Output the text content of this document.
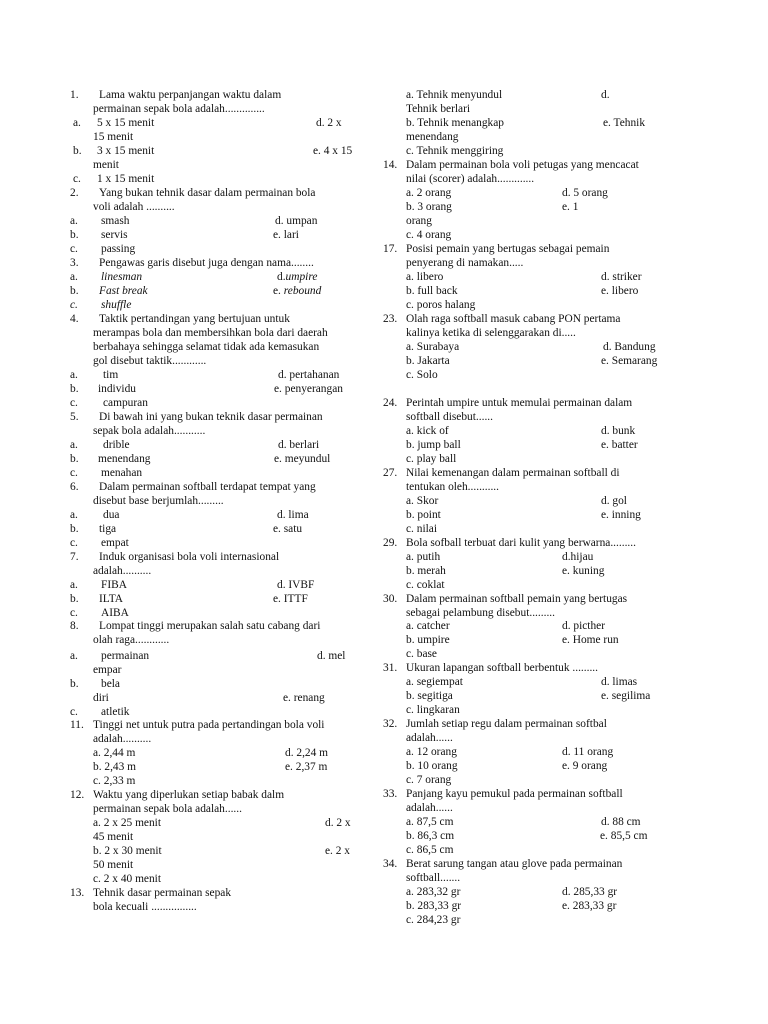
1. Lama waktu perpanjangan waktu dalam
permainan sepak bola adalah..............
a. 5 x 15 menit	d. 2 x
15 menit
b. 3 x 15 menit	e. 4 x 15
menit
c. 1 x 15 menit
2. Yang bukan tehnik dasar dalam permainan bola
voli adalah ..........
a. smash	d. umpan
b. servis	e. lari
c. passing
3. Pengawas garis disebut juga dengan nama........
a. linesman	d.umpire
b. Fast break	e. rebound
c. shuffle
4. Taktik pertandingan yang bertujuan untuk
merampas bola dan membersihkan bola dari daerah
berbahaya sehingga selamat tidak ada kemasukan
gol disebut taktik............
a. tim	d. pertahanan
b. individu	e. penyerangan
c. campuran
5. Di bawah ini yang bukan teknik dasar permainan
sepak bola adalah...........
a. drible	d. berlari
b. menendang	e. meyundul
c. menahan
6. Dalam permainan softball terdapat tempat yang
disebut base berjumlah.........
a. dua	d. lima
b. tiga	e. satu
c. empat
7. Induk organisasi bola voli internasional
adalah..........
a. FIBA	d. IVBF
b. ILTA	e. ITTF
c. AIBA
8. Lompat tinggi merupakan salah satu cabang dari
olah raga............
a. permainan	d. mel
empar
b. bela
diri	e. renang
c. atletik
11. Tinggi net untuk putra pada pertandingan bola voli
adalah..........
a. 2,44 m	d. 2,24 m
b. 2,43 m	e. 2,37 m
c. 2,33 m
12. Waktu yang diperlukan setiap babak dalm
permainan sepak bola adalah......
a. 2 x 25 menit	d. 2 x
45 menit
b. 2 x 30 menit	e. 2 x
50 menit
c. 2 x 40 menit
13. Tehnik dasar permainan sepak
bola kecuali ................
a. Tehnik menyundul	d.
Tehnik berlari
b. Tehnik menangkap	e. Tehnik
menendang
c. Tehnik menggiring
14. Dalam permainan bola voli petugas yang mencacat
nilai (scorer) adalah.............
a. 2 orang	d. 5 orang
b. 3 orang	e. 1
orang
c. 4 orang
17. Posisi pemain yang bertugas sebagai pemain
penyerang di namakan.....
a. libero	d. striker
b. full back	e. libero
c. poros halang
23. Olah raga softball masuk cabang PON pertama
kalinya ketika di selenggarakan di.....
a. Surabaya	d. Bandung
b. Jakarta	e. Semarang
c. Solo
24. Perintah umpire untuk memulai permainan dalam
softball disebut......
a. kick of	d. bunk
b. jump ball	e. batter
c. play ball
27. Nilai kemenangan dalam permainan softball di
tentukan oleh...........
a. Skor	d. gol
b. point	e. inning
c. nilai
29. Bola sofball terbuat dari kulit yang berwarna.........
a. putih	d.hijau
b. merah	e. kuning
c. coklat
30. Dalam permainan softball pemain yang bertugas
sebagai pelambung disebut.........
a. catcher	d. picther
b. umpire	e. Home run
c. base
31. Ukuran lapangan softball berbentuk .........
a. segiempat	d. limas
b. segitiga	e. segilima
c. lingkaran
32. Jumlah setiap regu dalam permainan softbal
adalah......
a. 12 orang	d. 11 orang
b. 10 orang	e. 9 orang
c. 7 orang
33. Panjang kayu pemukul pada permainan softball
adalah......
a. 87,5 cm	d. 88 cm
b. 86,3 cm	e. 85,5 cm
c. 86,5 cm
34. Berat sarung tangan atau glove pada permainan
softball.......
a. 283,32 gr	d. 285,33 gr
b. 283,33 gr	e. 283,33 gr
c. 284,23 gr
